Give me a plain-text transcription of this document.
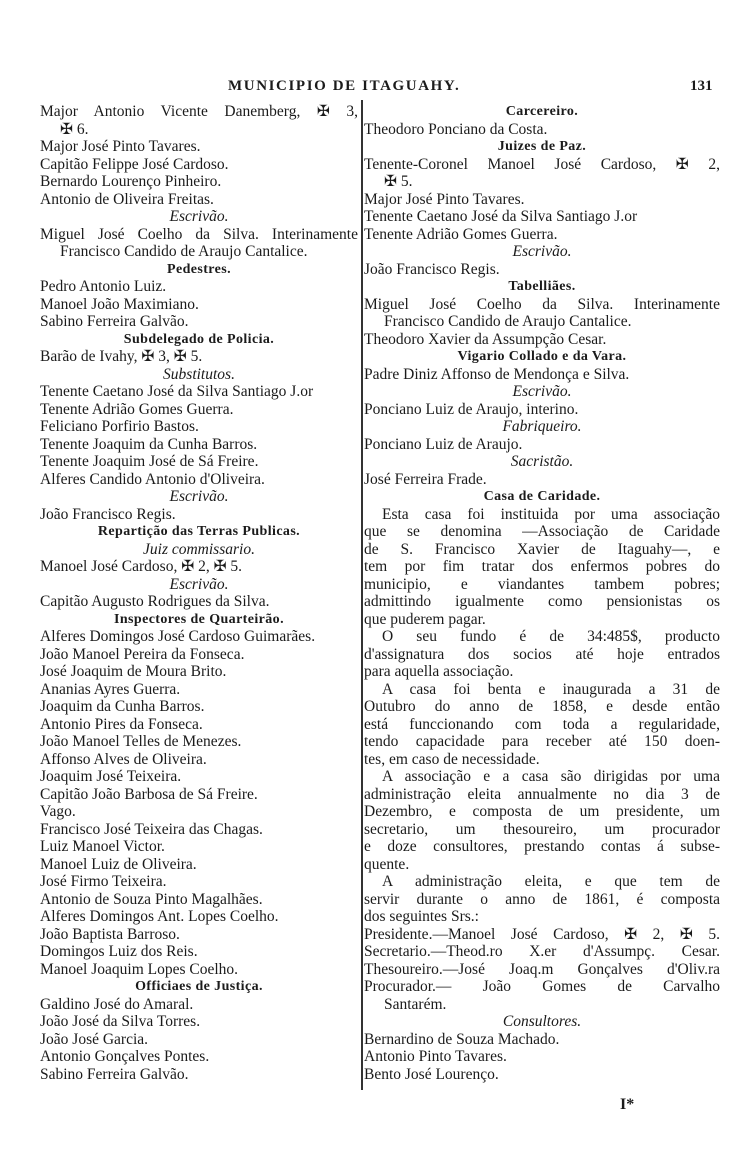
MUNICIPIO DE ITAGUAHY.	131
Major Antonio Vicente Danemberg, ✠ 3,
✠ 6.
Major José Pinto Tavares.
Capitão Felippe José Cardoso.
Bernardo Lourenço Pinheiro.
Antonio de Oliveira Freitas.
Escrivão.
Miguel José Coelho da Silva. Interinamente
Francisco Candido de Araujo Cantalice.
Pedestres.
Pedro Antonio Luiz.
Manoel João Maximiano.
Sabino Ferreira Galvão.
Subdelegado de Policia.
Barão de Ivahy, ✠ 3, ✠ 5.
Substitutos.
Tenente Caetano José da Silva Santiago J.or
Tenente Adrião Gomes Guerra.
Feliciano Porfirio Bastos.
Tenente Joaquim da Cunha Barros.
Tenente Joaquim José de Sá Freire.
Alferes Candido Antonio d'Oliveira.
Escrivão.
João Francisco Regis.
Repartição das Terras Publicas.
Juiz commissario.
Manoel José Cardoso, ✠ 2, ✠ 5.
Escrivão.
Capitão Augusto Rodrigues da Silva.
Inspectores de Quarteirão.
Alferes Domingos José Cardoso Guimarães.
João Manoel Pereira da Fonseca.
José Joaquim de Moura Brito.
Ananias Ayres Guerra.
Joaquim da Cunha Barros.
Antonio Pires da Fonseca.
João Manoel Telles de Menezes.
Affonso Alves de Oliveira.
Joaquim José Teixeira.
Capitão João Barbosa de Sá Freire.
Vago.
Francisco José Teixeira das Chagas.
Luiz Manoel Victor.
Manoel Luiz de Oliveira.
José Firmo Teixeira.
Antonio de Souza Pinto Magalhães.
Alferes Domingos Ant. Lopes Coelho.
João Baptista Barroso.
Domingos Luiz dos Reis.
Manoel Joaquim Lopes Coelho.
Officiaes de Justiça.
Galdino José do Amaral.
João José da Silva Torres.
João José Garcia.
Antonio Gonçalves Pontes.
Sabino Ferreira Galvão.
Carcereiro.
Theodoro Ponciano da Costa.
Juizes de Paz.
Tenente-Coronel Manoel José Cardoso, ✠ 2,
✠ 5.
Major José Pinto Tavares.
Tenente Caetano José da Silva Santiago J.or
Tenente Adrião Gomes Guerra.
Escrivão.
João Francisco Regis.
Tabelliães.
Miguel José Coelho da Silva. Interinamente
Francisco Candido de Araujo Cantalice.
Theodoro Xavier da Assumpção Cesar.
Vigario Collado e da Vara.
Padre Diniz Affonso de Mendonça e Silva.
Escrivão.
Ponciano Luiz de Araujo, interino.
Fabriqueiro.
Ponciano Luiz de Araujo.
Sacristão.
José Ferreira Frade.
Casa de Caridade.
Esta casa foi instituida por uma associação
que se denomina —Associação de Caridade
de S. Francisco Xavier de Itaguahy—, e
tem por fim tratar dos enfermos pobres do
municipio, e viandantes tambem pobres;
admittindo igualmente como pensionistas os
que puderem pagar.
O seu fundo é de 34:485$, producto
d'assignatura dos socios até hoje entrados
para aquella associação.
A casa foi benta e inaugurada a 31 de
Outubro do anno de 1858, e desde então
está funccionando com toda a regularidade,
tendo capacidade para receber até 150 doen-
tes, em caso de necessidade.
A associação e a casa são dirigidas por uma
administração eleita annualmente no dia 3 de
Dezembro, e composta de um presidente, um
secretario, um thesoureiro, um procurador
e doze consultores, prestando contas á subse-
quente.
A administração eleita, e que tem de
servir durante o anno de 1861, é composta
dos seguintes Srs.:
Presidente.—Manoel José Cardoso, ✠ 2, ✠ 5.
Secretario.—Theod.ro X.er d'Assumpç. Cesar.
Thesoureiro.—José Joaq.m Gonçalves d'Oliv.ra
Procurador.— João Gomes de Carvalho
Santarém.
Consultores.
Bernardino de Souza Machado.
Antonio Pinto Tavares.
Bento José Lourenço.
I*
